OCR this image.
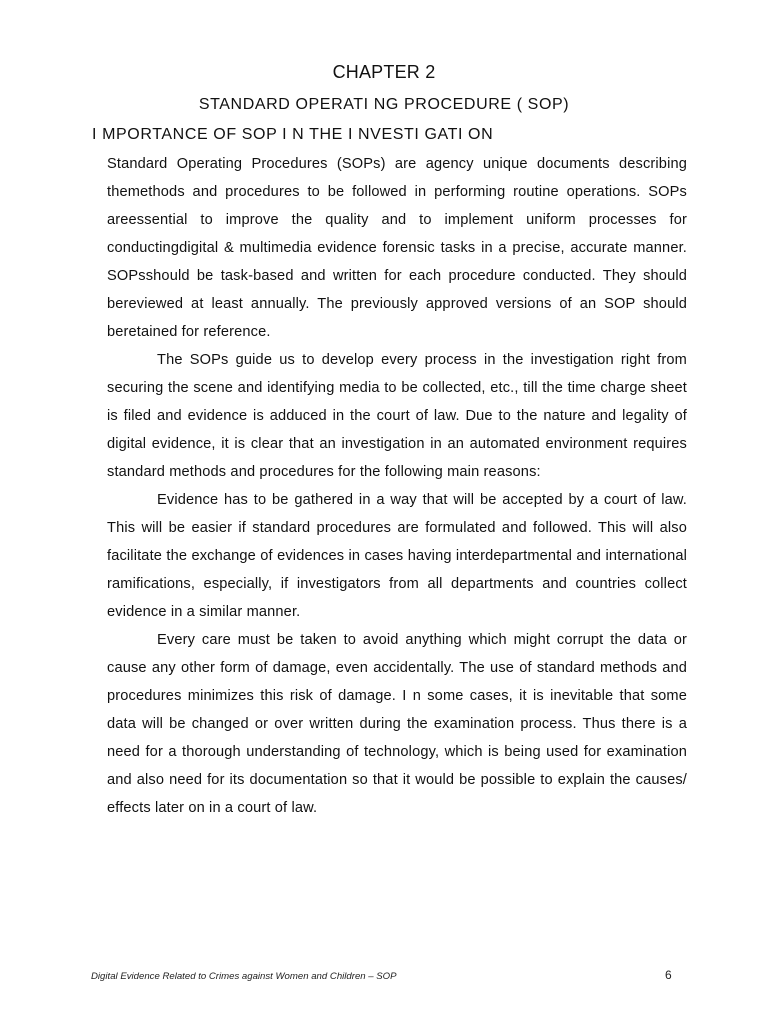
CHAPTER 2
STANDARD OPERATI NG PROCEDURE ( SOP)
I MPORTANCE OF SOP I N THE I NVESTI GATI ON

Standard Operating Procedures (SOPs) are agency unique documents describing themethods and procedures to be followed in performing routine operations. SOPs areessential to improve the quality and to implement uniform processes for conductingdigital & multimedia evidence forensic tasks in a precise, accurate manner. SOPsshould be task-based and written for each procedure conducted. They should bereviewed at least annually. The previously approved versions of an SOP should beretained for reference.

The SOPs guide us to develop every process in the investigation right from securing the scene and identifying media to be collected, etc., till the time charge sheet is filed and evidence is adduced in the court of law. Due to the nature and legality of digital evidence, it is clear that an investigation in an automated environment requires standard methods and procedures for the following main reasons:

Evidence has to be gathered in a way that will be accepted by a court of law. This will be easier if standard procedures are formulated and followed. This will also facilitate the exchange of evidences in cases having interdepartmental and international ramifications, especially, if investigators from all departments and countries collect evidence in a similar manner.

Every care must be taken to avoid anything which might corrupt the data or cause any other form of damage, even accidentally. The use of standard methods and procedures minimizes this risk of damage. I n some cases, it is inevitable that some data will be changed or over written during the examination process. Thus there is a need for a thorough understanding of technology, which is being used for examination and also need for its documentation so that it would be possible to explain the causes/ effects later on in a court of law.

Digital Evidence Related to Crimes against Women and Children – SOP	6
